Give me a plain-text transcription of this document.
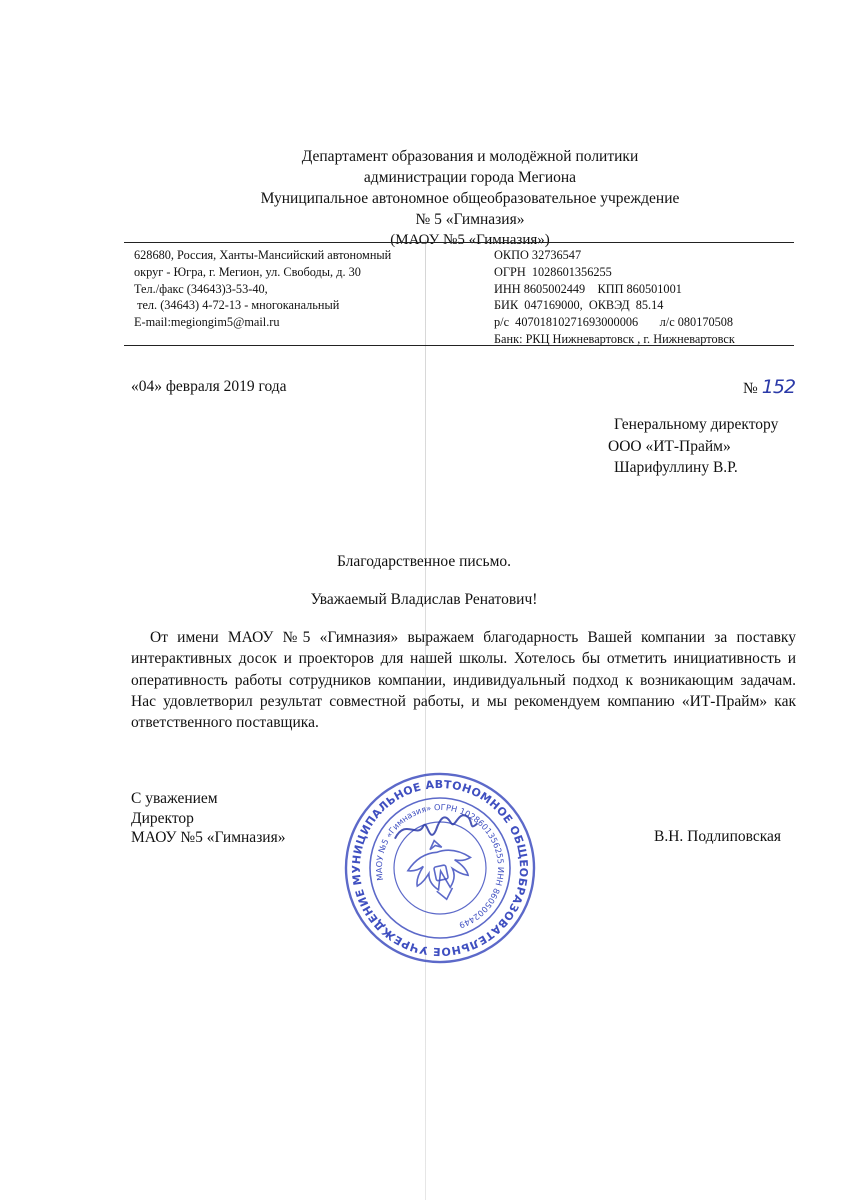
Департамент образования и молодёжной политики
администрации города Мегиона
Муниципальное автономное общеобразовательное учреждение
№ 5 «Гимназия»
(МАОУ №5 «Гимназия»)
628680, Россия, Ханты-Мансийский автономный
округ - Югра, г. Мегион, ул. Свободы, д. 30
Тел./факс (34643)3-53-40,
тел. (34643) 4-72-13 - многоканальный
E-mail:megiongim5@mail.ru
ОКПО 32736547
ОГРН  1028601356255
ИНН 8605002449    КПП 860501001
БИК  047169000,  ОКВЭД  85.14
р/с  40701810271693000006       л/с 080170508
Банк: РКЦ Нижневартовск , г. Нижневартовск
«04» февраля 2019 года	№ 152
Генеральному директору
ООО «ИТ-Прайм»
Шарифуллину В.Р.
Благодарственное письмо.
Уважаемый Владислав Ренатович!
От имени МАОУ №5 «Гимназия» выражаем благодарность Вашей компании за поставку интерактивных досок и проекторов для нашей школы. Хотелось бы отметить инициативность и оперативность работы сотрудников компании, индивидуальный подход к возникающим задачам. Нас удовлетворил результат совместной работы, и мы рекомендуем компанию «ИТ-Прайм» как ответственного поставщика.
С уважением
Директор
МАОУ №5 «Гимназия»	В.Н. Подлиповская
МУНИЦИПАЛЬНОЕ АВТОНОМНОЕ ОБЩЕОБРАЗОВАТЕЛЬНОЕ УЧРЕЖДЕНИЕ
МАОУ №5 «Гимназия» ОГРН 1028601356255 ИНН 8605002449
